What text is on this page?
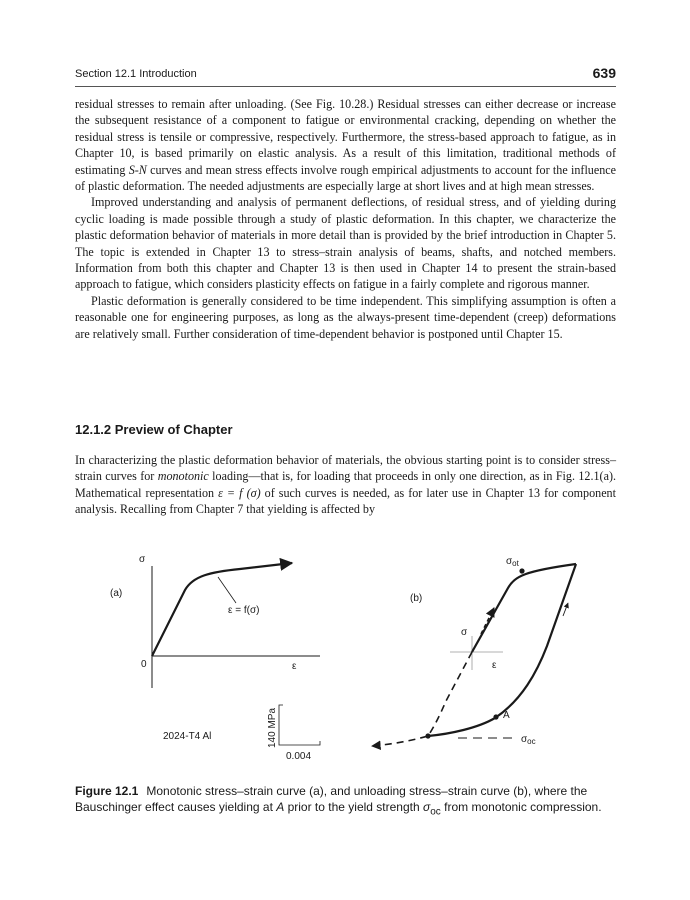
Section 12.1 Introduction	639

residual stresses to remain after unloading. (See Fig. 10.28.) Residual stresses can either decrease or increase the subsequent resistance of a component to fatigue or environmental cracking, depending on whether the residual stress is tensile or compressive, respectively. Furthermore, the stress-based approach to fatigue, as in Chapter 10, is based primarily on elastic analysis. As a result of this limitation, traditional methods of estimating S-N curves and mean stress effects involve rough empirical adjustments to account for the influence of plastic deformation. The needed adjustments are especially large at short lives and at high mean stresses.

Improved understanding and analysis of permanent deflections, of residual stress, and of yielding during cyclic loading is made possible through a study of plastic deformation. In this chapter, we characterize the plastic deformation behavior of materials in more detail than is provided by the brief introduction in Chapter 5. The topic is extended in Chapter 13 to stress–strain analysis of beams, shafts, and notched members. Information from both this chapter and Chapter 13 is then used in Chapter 14 to present the strain-based approach to fatigue, which considers plasticity effects on fatigue in a fairly complete and rigorous manner.

Plastic deformation is generally considered to be time independent. This simplifying assumption is often a reasonable one for engineering purposes, as long as the always-present time-dependent (creep) deformations are relatively small. Further consideration of time-dependent behavior is postponed until Chapter 15.

12.1.2 Preview of Chapter

In characterizing the plastic deformation behavior of materials, the obvious starting point is to consider stress–strain curves for monotonic loading—that is, for loading that proceeds in only one direction, as in Fig. 12.1(a). Mathematical representation ε = f (σ) of such curves is needed, as for later use in Chapter 13 for component analysis. Recalling from Chapter 7 that yielding is affected by

(a)
σ
0	ε
ε = f(σ)
2024-T4 Al	140 MPa
0.004
(b)
σ
ε
$\sigma_{ot}$
A
$\sigma_{oc}$
Figure 12.1 Monotonic stress–strain curve (a), and unloading stress–strain curve (b), where the Bauschinger effect causes yielding at A prior to the yield strength $\sigma_{oc}$ from monotonic compression.
